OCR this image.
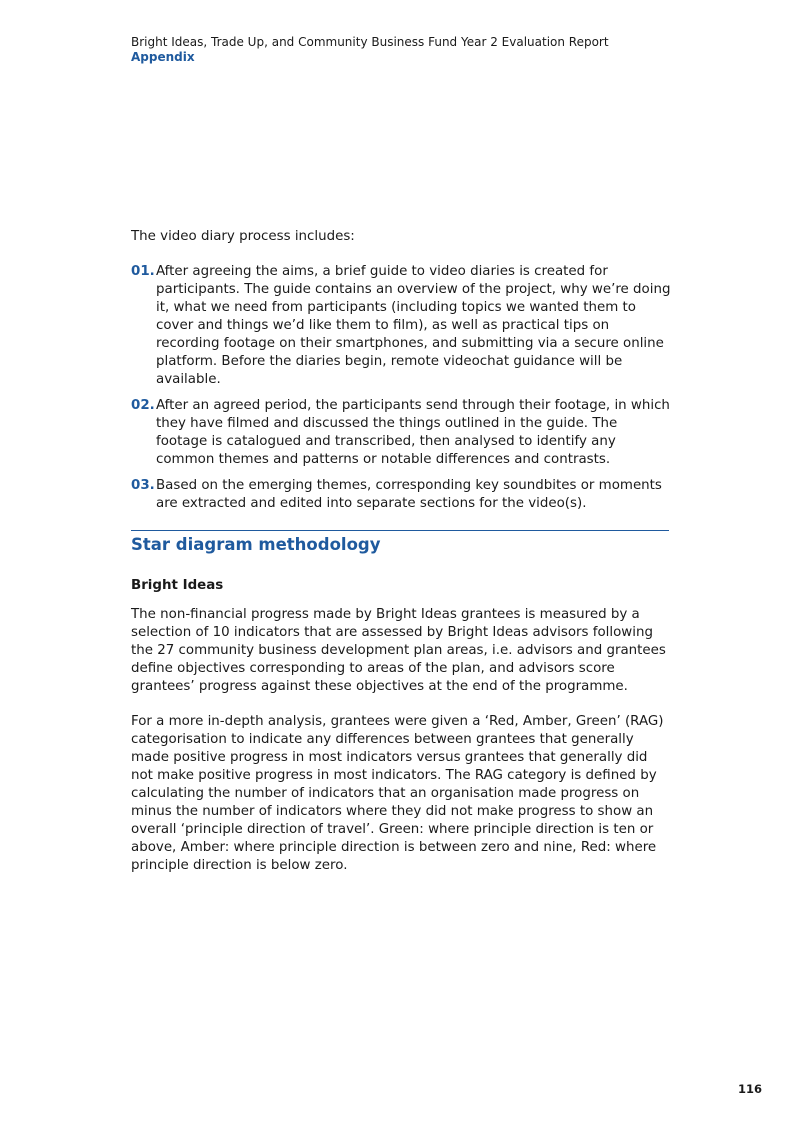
Bright Ideas, Trade Up, and Community Business Fund Year 2 Evaluation Report
Appendix

The video diary process includes:

01. After agreeing the aims, a brief guide to video diaries is created for participants. The guide contains an overview of the project, why we’re doing it, what we need from participants (including topics we wanted them to cover and things we’d like them to film), as well as practical tips on recording footage on their smartphones, and submitting via a secure online platform. Before the diaries begin, remote videochat guidance will be available.
02. After an agreed period, the participants send through their footage, in which they have filmed and discussed the things outlined in the guide. The footage is catalogued and transcribed, then analysed to identify any common themes and patterns or notable differences and contrasts.
03. Based on the emerging themes, corresponding key soundbites or moments are extracted and edited into separate sections for the video(s).
Star diagram methodology
Bright Ideas

The non-financial progress made by Bright Ideas grantees is measured by a selection of 10 indicators that are assessed by Bright Ideas advisors following the 27 community business development plan areas, i.e. advisors and grantees define objectives corresponding to areas of the plan, and advisors score grantees’ progress against these objectives at the end of the programme.

For a more in-depth analysis, grantees were given a ‘Red, Amber, Green’ (RAG) categorisation to indicate any differences between grantees that generally made positive progress in most indicators versus grantees that generally did not make positive progress in most indicators. The RAG category is defined by calculating the number of indicators that an organisation made progress on minus the number of indicators where they did not make progress to show an overall ‘principle direction of travel’. Green: where principle direction is ten or above, Amber: where principle direction is between zero and nine, Red: where principle direction is below zero.

116
